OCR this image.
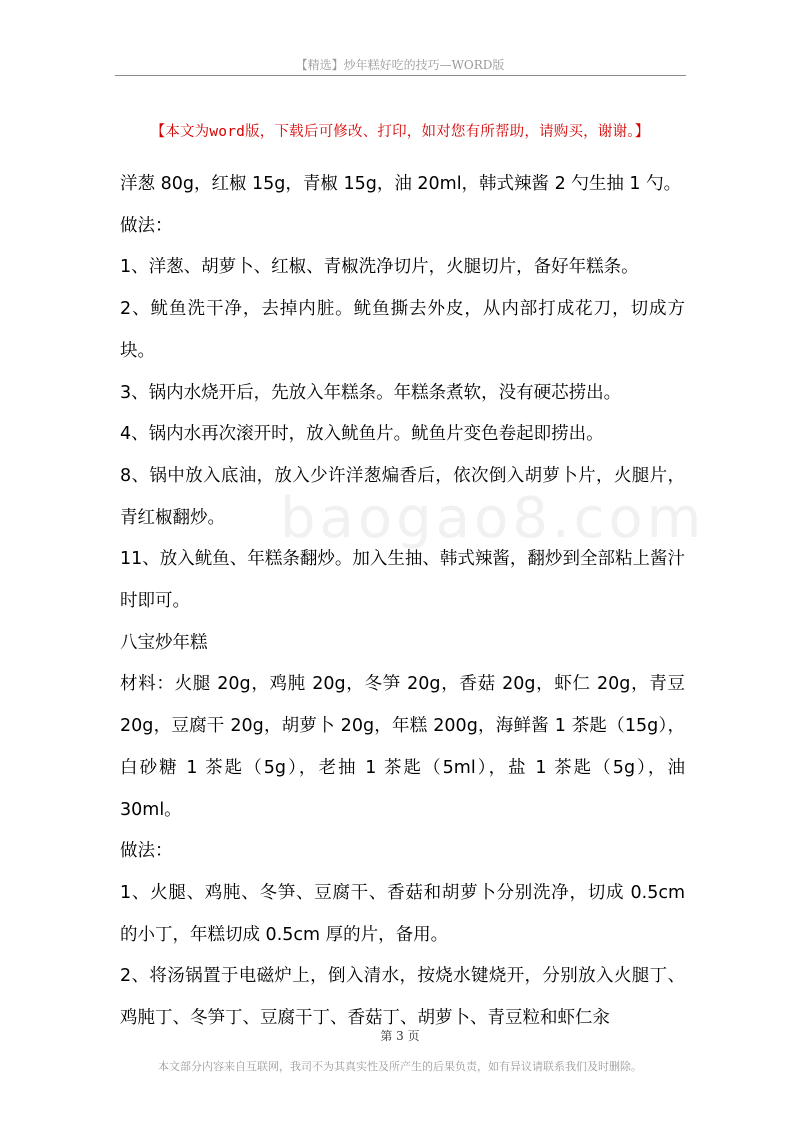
【精选】炒年糕好吃的技巧—WORD版
【本文为word版，下载后可修改、打印，如对您有所帮助，请购买，谢谢。】
baogao8.com

洋葱 80g，红椒 15g，青椒 15g，油 20ml，韩式辣酱 2 勺生抽 1 勺。

做法：

1、洋葱、胡萝卜、红椒、青椒洗净切片，火腿切片，备好年糕条。

2、鱿鱼洗干净，去掉内脏。鱿鱼撕去外皮，从内部打成花刀，切成方块。

3、锅内水烧开后，先放入年糕条。年糕条煮软，没有硬芯捞出。

4、锅内水再次滚开时，放入鱿鱼片。鱿鱼片变色卷起即捞出。

8、锅中放入底油，放入少许洋葱煸香后，依次倒入胡萝卜片，火腿片，青红椒翻炒。

11、放入鱿鱼、年糕条翻炒。加入生抽、韩式辣酱，翻炒到全部粘上酱汁时即可。

八宝炒年糕

材料：火腿 20g，鸡肫 20g，冬笋 20g，香菇 20g，虾仁 20g，青豆 20g，豆腐干 20g，胡萝卜 20g，年糕 200g，海鲜酱 1 茶匙（15g），白砂糖 1 茶匙（5g），老抽 1 茶匙（5ml），盐 1 茶匙（5g），油 30ml。

做法：

1、火腿、鸡肫、冬笋、豆腐干、香菇和胡萝卜分别洗净，切成 0.5cm 的小丁，年糕切成 0.5cm 厚的片，备用。

2、将汤锅置于电磁炉上，倒入清水，按烧水键烧开，分别放入火腿丁、鸡肫丁、冬笋丁、豆腐干丁、香菇丁、胡萝卜、青豆粒和虾仁汆

第 3 页
本文部分内容来自互联网，我司不为其真实性及所产生的后果负责，如有异议请联系我们及时删除。
